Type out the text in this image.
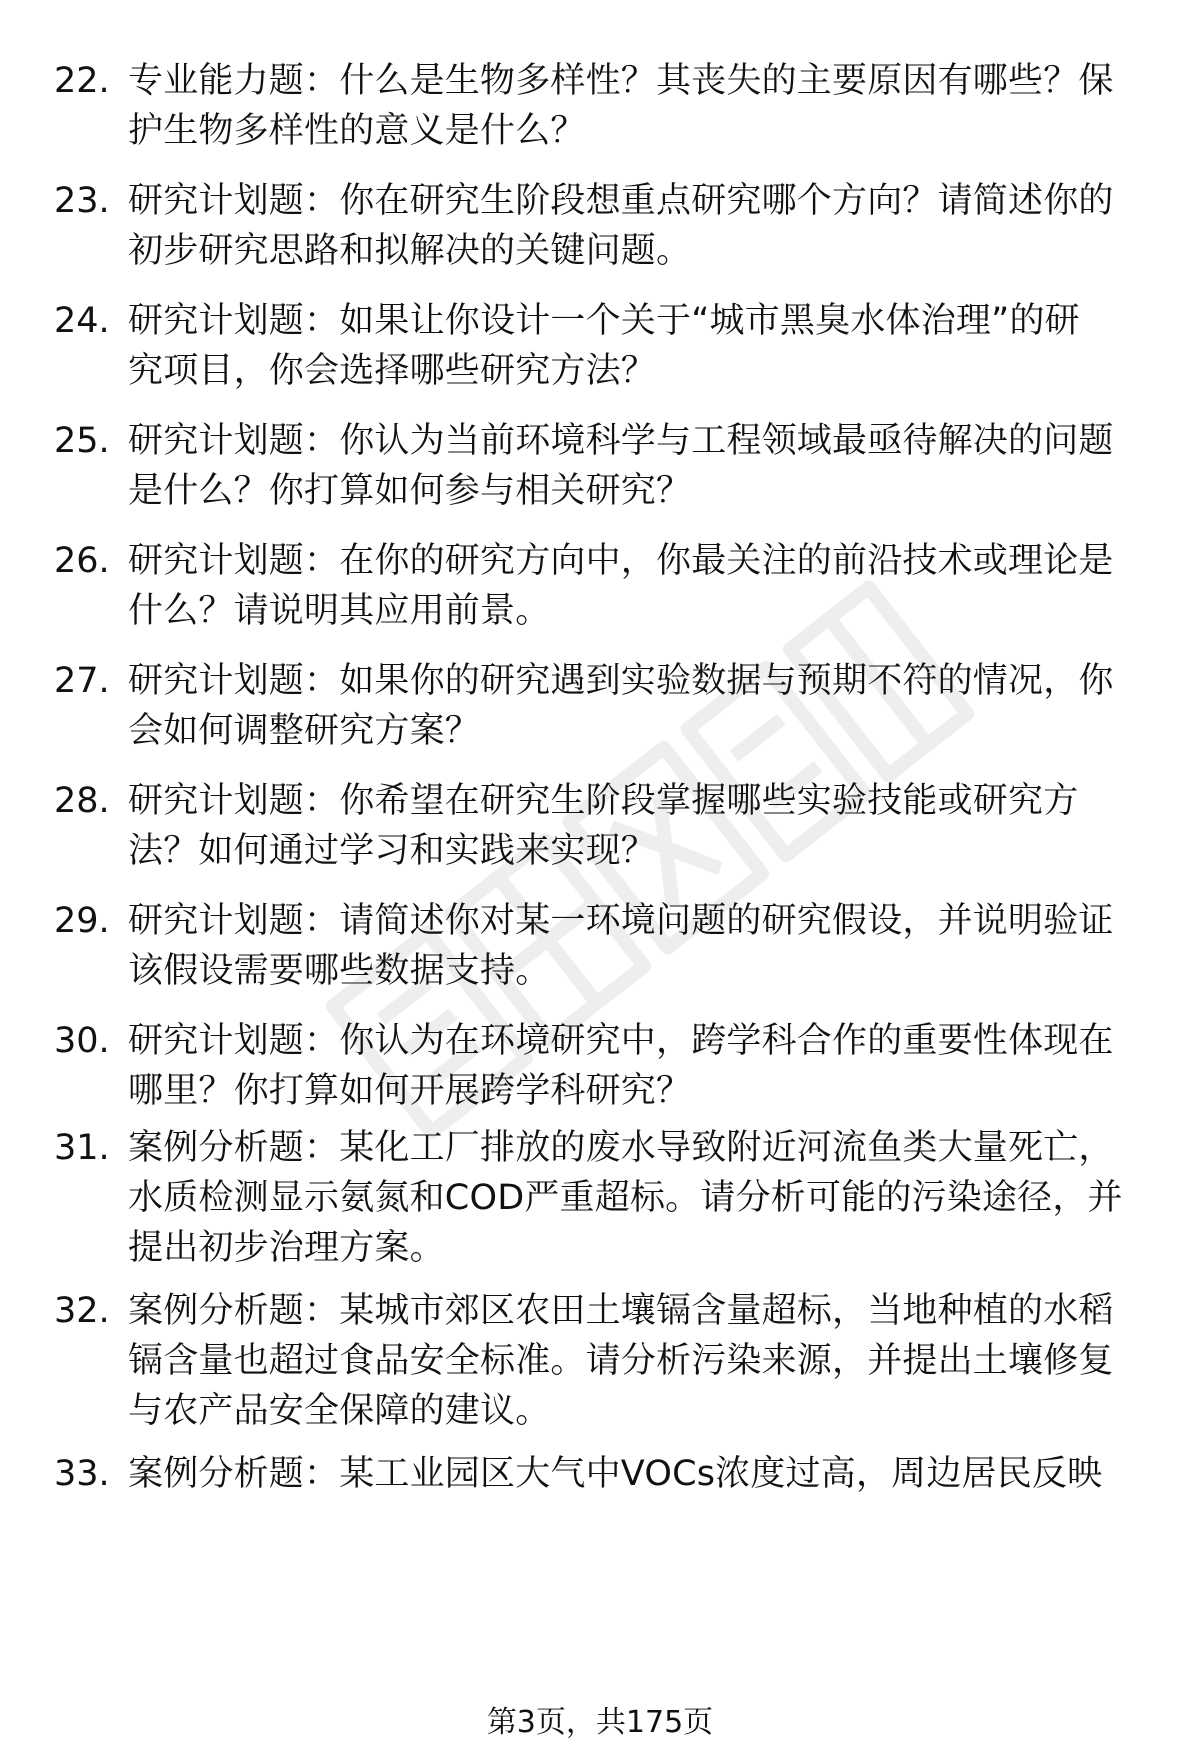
22. 专业能力题：什么是生物多样性？其丧失的主要原因有哪些？保
护生物多样性的意义是什么？
23. 研究计划题：你在研究生阶段想重点研究哪个方向？请简述你的
初步研究思路和拟解决的关键问题。
24. 研究计划题：如果让你设计一个关于“城市黑臭水体治理”的研
究项目，你会选择哪些研究方法？
25. 研究计划题：你认为当前环境科学与工程领域最亟待解决的问题
是什么？你打算如何参与相关研究？
26. 研究计划题：在你的研究方向中，你最关注的前沿技术或理论是
什么？请说明其应用前景。
27. 研究计划题：如果你的研究遇到实验数据与预期不符的情况，你
会如何调整研究方案？
28. 研究计划题：你希望在研究生阶段掌握哪些实验技能或研究方
法？如何通过学习和实践来实现？
29. 研究计划题：请简述你对某一环境问题的研究假设，并说明验证
该假设需要哪些数据支持。
30. 研究计划题：你认为在环境研究中，跨学科合作的重要性体现在
哪里？你打算如何开展跨学科研究？
31. 案例分析题：某化工厂排放的废水导致附近河流鱼类大量死亡，
水质检测显示氨氮和COD严重超标。请分析可能的污染途径，并
提出初步治理方案。
32. 案例分析题：某城市郊区农田土壤镉含量超标，当地种植的水稻
镉含量也超过食品安全标准。请分析污染来源，并提出土壤修复
与农产品安全保障的建议。
33. 案例分析题：某工业园区大气中VOCs浓度过高，周边居民反映
第3页，共175页
